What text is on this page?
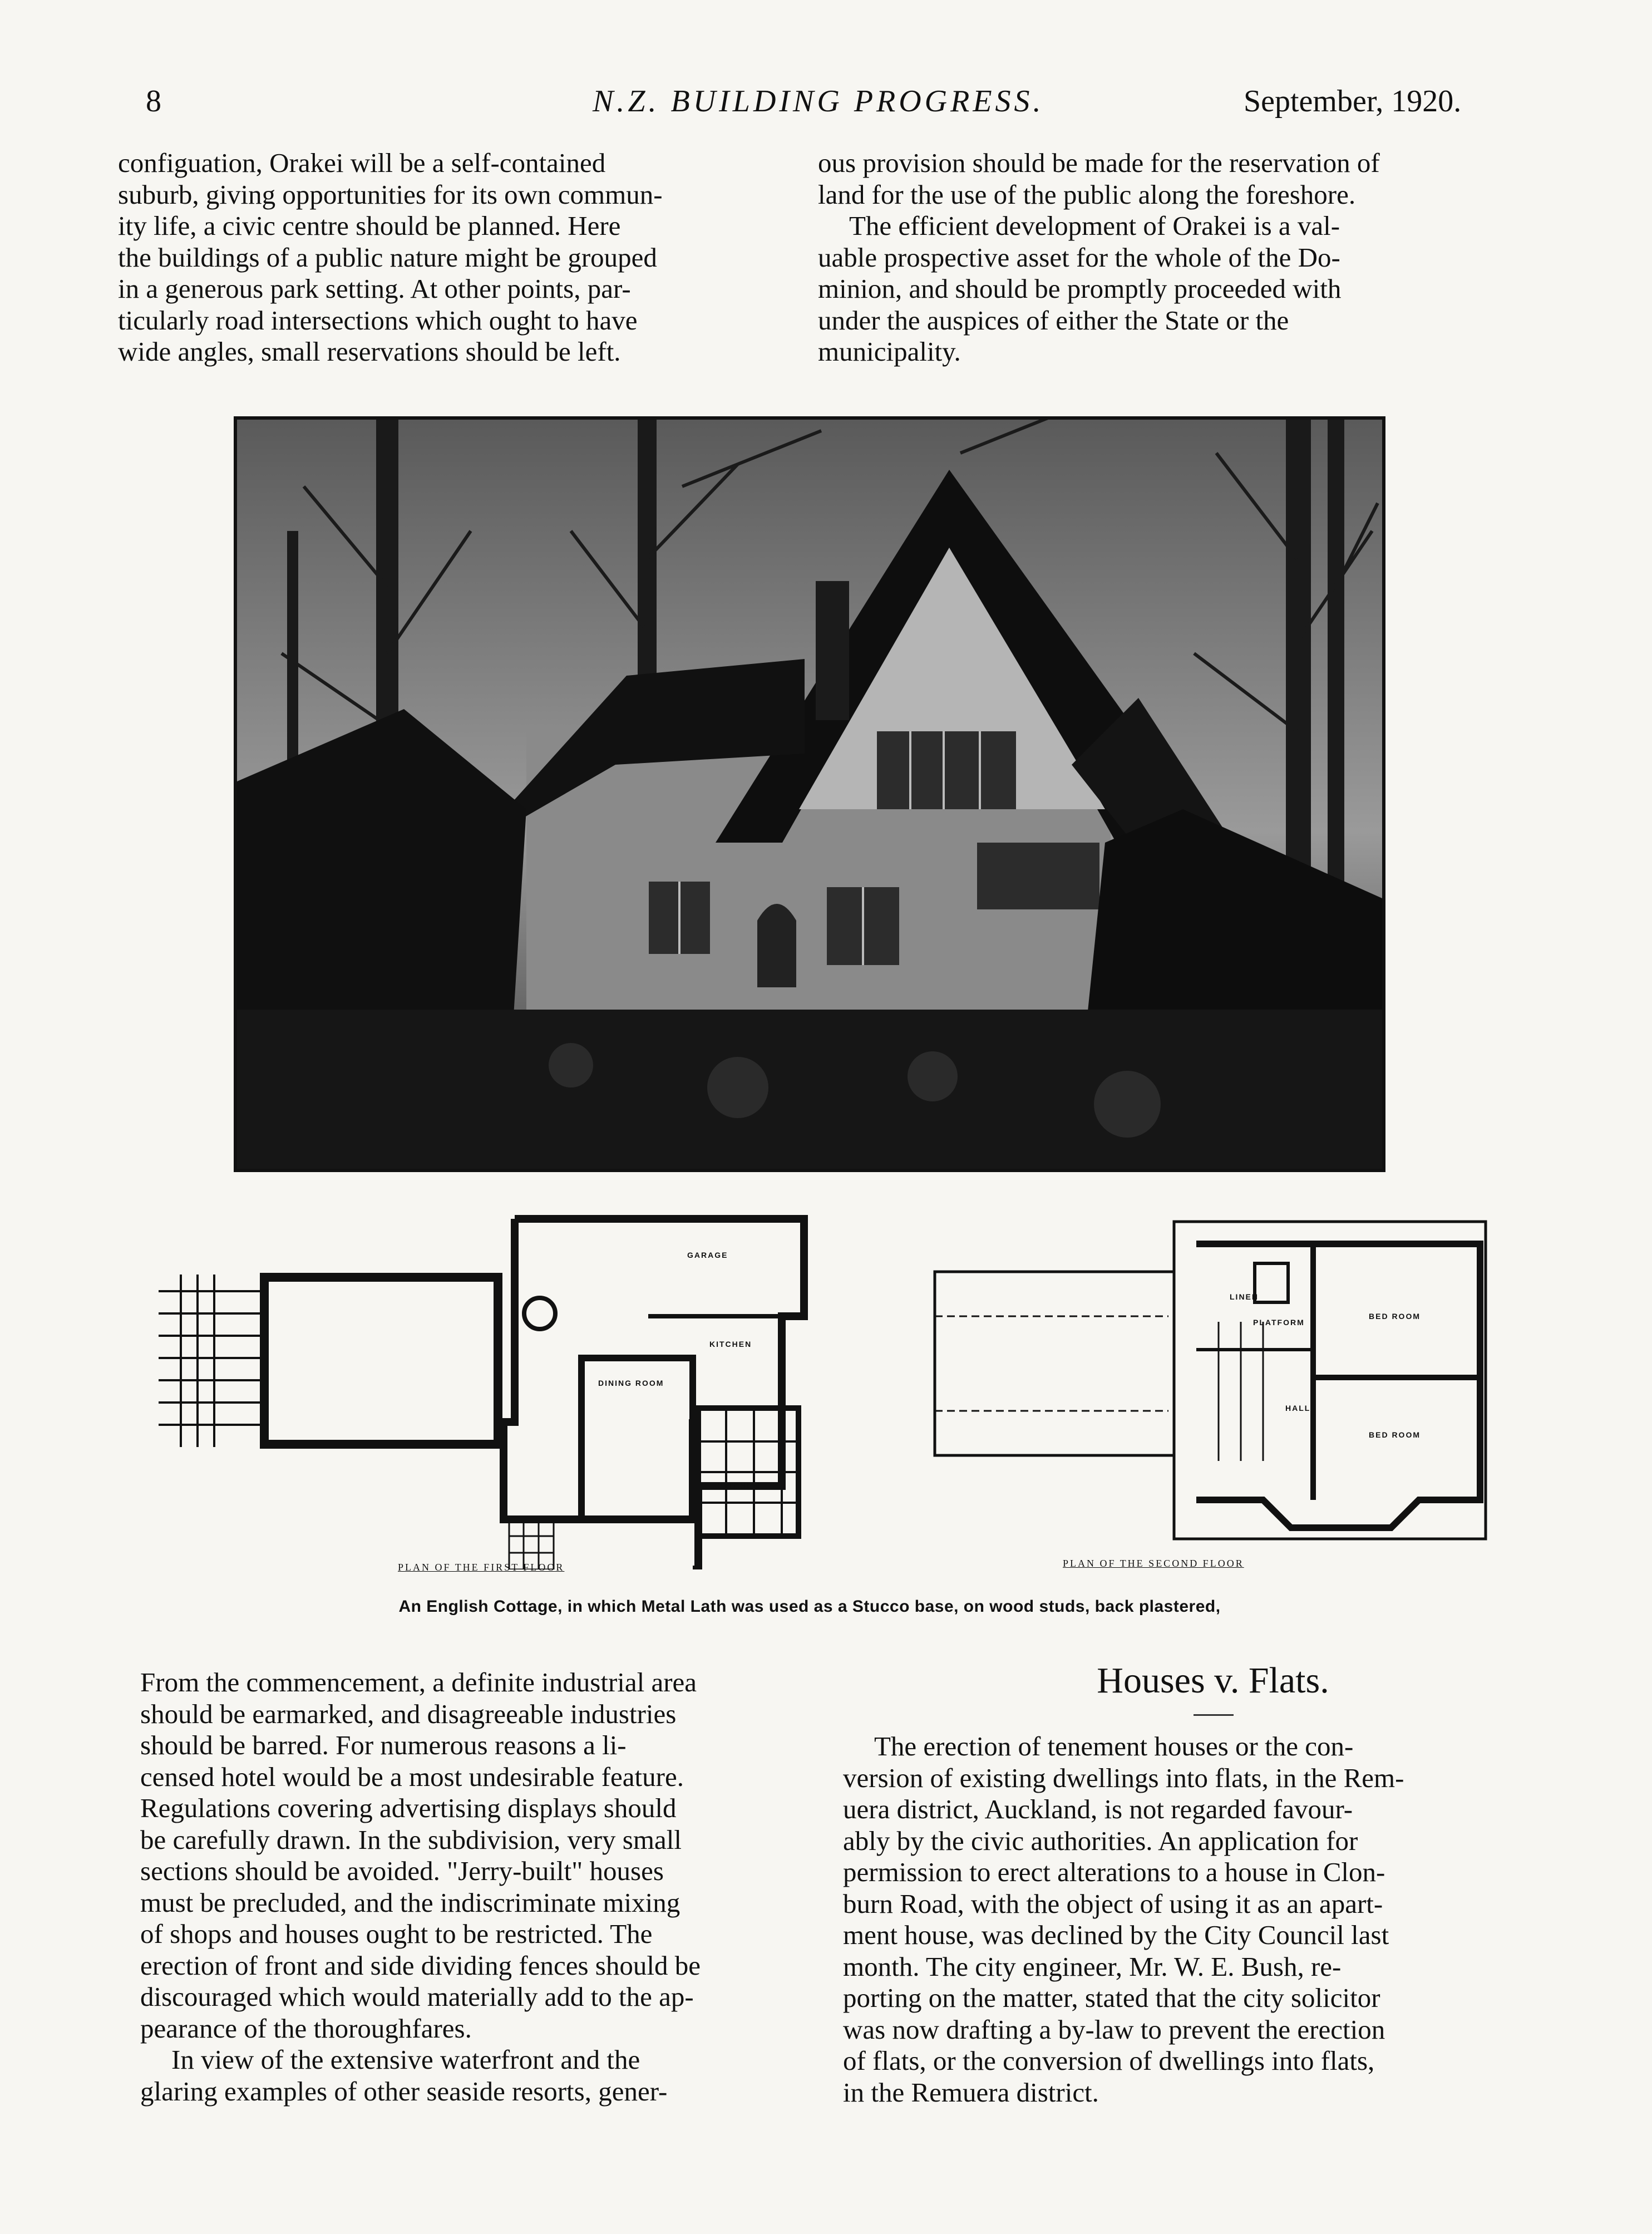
8	N.Z. BUILDING PROGRESS.	September, 1920.

configuation, Orakei will be a self-contained

suburb, giving opportunities for its own commun-

ity life, a civic centre should be planned. Here

the buildings of a public nature might be grouped

in a generous park setting. At other points, par-

ticularly road intersections which ought to have

wide angles, small reservations should be left.

ous provision should be made for the reservation of

land for the use of the public along the foreshore.

The efficient development of Orakei is a val-

uable prospective asset for the whole of the Do-

minion, and should be promptly proceeded with

under the auspices of either the State or the

municipality.

GARAGE
KITCHEN
DINING ROOM
KITCHEN
PLAN OF THE FIRST FLOOR
BED ROOM
BED ROOM
PLATFORM
LINEN
HALL
PLAN OF THE SECOND FLOOR
An English Cottage, in which Metal Lath was used as a Stucco base, on wood studs, back plastered,

From the commencement, a definite industrial area

should be earmarked, and disagreeable industries

should be barred. For numerous reasons a li-

censed hotel would be a most undesirable feature.

Regulations covering advertising displays should

be carefully drawn. In the subdivision, very small

sections should be avoided. "Jerry-built" houses

must be precluded, and the indiscriminate mixing

of shops and houses ought to be restricted. The

erection of front and side dividing fences should be

discouraged which would materially add to the ap-

pearance of the thoroughfares.

In view of the extensive waterfront and the

glaring examples of other seaside resorts, gener-

Houses v. Flats.

The erection of tenement houses or the con-

version of existing dwellings into flats, in the Rem-

uera district, Auckland, is not regarded favour-

ably by the civic authorities. An application for

permission to erect alterations to a house in Clon-

burn Road, with the object of using it as an apart-

ment house, was declined by the City Council last

month. The city engineer, Mr. W. E. Bush, re-

porting on the matter, stated that the city solicitor

was now drafting a by-law to prevent the erection

of flats, or the conversion of dwellings into flats,

in the Remuera district.
